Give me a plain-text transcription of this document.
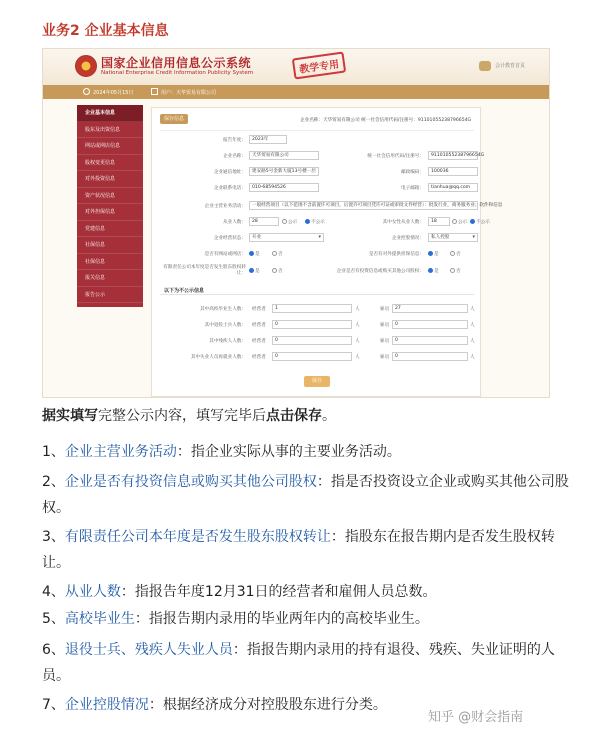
业务2 企业基本信息
国家企业信用信息公示系统
National Enterprise Credit Information Publicity System	教学专用	会计教育首页
2024年05月15日	用户：天华贸易有限公司
企业基本信息
股东及出资信息
网站或网店信息
股权变更信息
对外投资信息
资产状况信息
对外担保信息
党建信息
社保信息
社保信息
报关信息
报告公示
保存信息	企业名称：天华贸易有限公司 统一社会信用代码/注册号：91101055238796654G
报告年度：	2023年
企业名称：	天华贸易有限公司	统一社会信用代码/注册号：	91101055238796654G
企业通信地址：	建安路5号金新大厦13号楼一层	邮政编码：	100036
企业联系电话：	010-68594526	电子邮箱：	tianhua@qq.com
企业主营业务活动：	一般经营项目（以下范围不含前置许可项目，后置许可项目凭许可证或审批文件经营）：批发行业，商务服务业；软件和信息
从业人数：	28	公示	不公示	其中女性从业人数：	18	公示	不公示
企业经营状态：	开业 ▾	企业控股情况：	私人控股 ▾
是否有网站或网店：	是	否	是否有对外提供担保信息：	是	否
有限责任公司本年度是否发生股东股权转让：	是	否	企业是否有投资信息或购买其他公司股权：	是	否
以下为不公示信息
其中高校毕业生人数： 经营者	1	人	雇员	27	人
其中退役士兵人数： 经营者	0	人	雇员	0	人
其中残疾人人数： 经营者	0	人	雇员	0	人
其中失业人员再就业人数： 经营者	0	人	雇员	0	人
保存
据实填写完整公示内容，填写完毕后点击保存。
1、企业主营业务活动：指企业实际从事的主要业务活动。
2、企业是否有投资信息或购买其他公司股权：指是否投资设立企业或购买其他公司股权。
3、有限责任公司本年度是否发生股东股权转让：指股东在报告期内是否发生股权转让。
4、从业人数：指报告年度12月31日的经营者和雇佣人员总数。
5、高校毕业生：指报告期内录用的毕业两年内的高校毕业生。
6、退役士兵、残疾人失业人员：指报告期内录用的持有退役、残疾、失业证明的人员。
7、企业控股情况：根据经济成分对控股股东进行分类。
知乎 @财会指南
